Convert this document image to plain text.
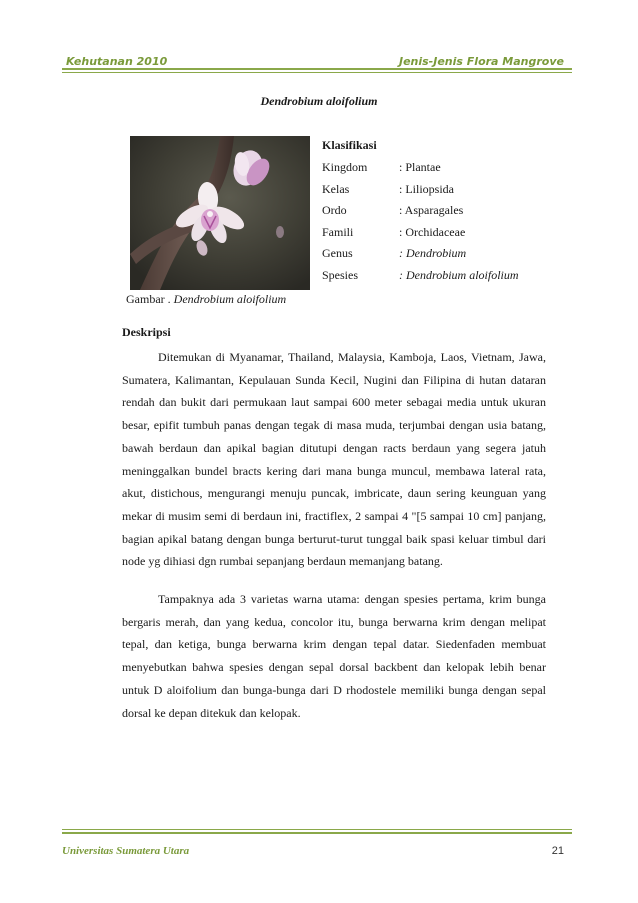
Kehutanan 2010	Jenis-Jenis Flora Mangrove
Dendrobium aloifolium
Gambar . Dendrobium aloifolium
Klasifikasi
Kingdom	: Plantae
Kelas	: Liliopsida
Ordo	: Asparagales
Famili	: Orchidaceae
Genus	: Dendrobium
Spesies	: Dendrobium aloifolium
Deskripsi

Ditemukan di Myanamar, Thailand, Malaysia, Kamboja, Laos, Vietnam, Jawa, Sumatera, Kalimantan, Kepulauan Sunda Kecil, Nugini dan Filipina di hutan dataran rendah dan bukit dari permukaan laut sampai 600 meter sebagai media untuk ukuran besar, epifit tumbuh panas dengan tegak di masa muda, terjumbai dengan usia batang, bawah berdaun dan apikal bagian ditutupi dengan racts berdaun yang segera jatuh meninggalkan bundel bracts kering dari mana bunga muncul, membawa lateral rata, akut, distichous, mengurangi menuju puncak, imbricate, daun sering keunguan yang mekar di musim semi di berdaun ini, fractiflex, 2 sampai 4 "[5 sampai 10 cm] panjang, bagian apikal batang dengan bunga berturut-turut tunggal baik spasi keluar timbul dari node yg dihiasi dgn rumbai sepanjang berdaun memanjang batang.

Tampaknya ada 3 varietas warna utama: dengan spesies pertama, krim bunga bergaris merah, dan yang kedua, concolor itu, bunga berwarna krim dengan melipat tepal, dan ketiga, bunga berwarna krim dengan tepal datar. Siedenfaden membuat menyebutkan bahwa spesies dengan sepal dorsal backbent dan kelopak lebih benar untuk D aloifolium dan bunga-bunga dari D rhodostele memiliki bunga dengan sepal dorsal ke depan ditekuk dan kelopak.

Universitas Sumatera Utara	21
